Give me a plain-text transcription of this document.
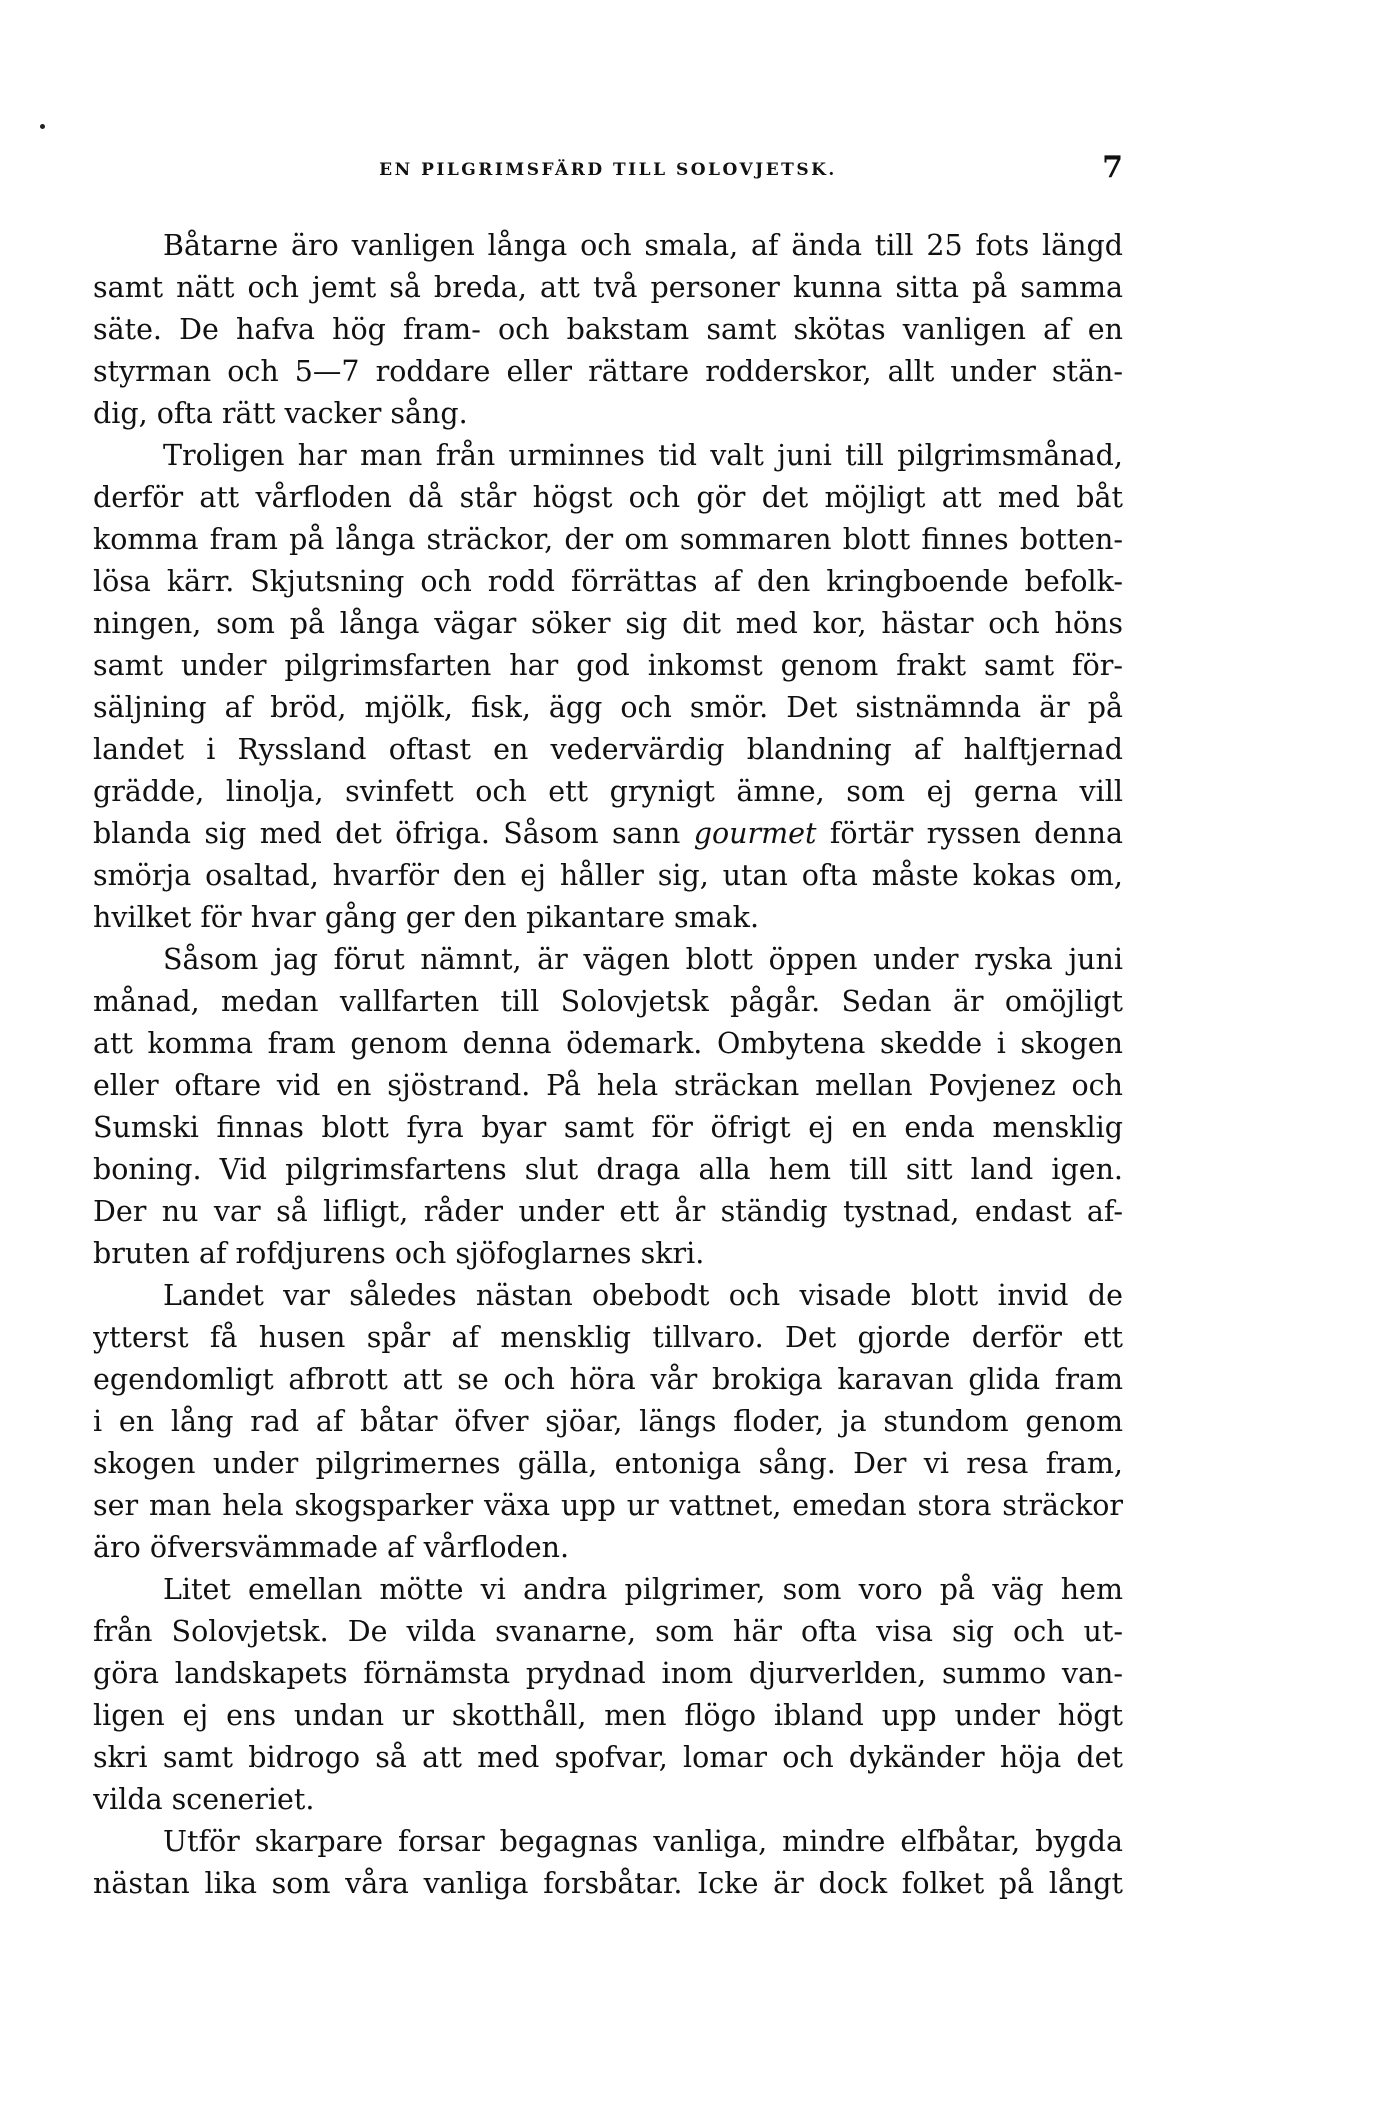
EN PILGRIMSFÄRD TILL SOLOVJETSK.	7
Båtarne äro vanligen långa och smala, af ända till 25 fots längd
samt nätt och jemt så breda, att två personer kunna sitta på samma
säte. De hafva hög fram- och bakstam samt skötas vanligen af en
styrman och 5—7 roddare eller rättare rodderskor, allt under stän-
dig, ofta rätt vacker sång.
Troligen har man från urminnes tid valt juni till pilgrimsmånad,
derför att vårfloden då står högst och gör det möjligt att med båt
komma fram på långa sträckor, der om sommaren blott finnes botten-
lösa kärr. Skjutsning och rodd förrättas af den kringboende befolk-
ningen, som på långa vägar söker sig dit med kor, hästar och höns
samt under pilgrimsfarten har god inkomst genom frakt samt för-
säljning af bröd, mjölk, fisk, ägg och smör. Det sistnämnda är på
landet i Ryssland oftast en vedervärdig blandning af halftjernad
grädde, linolja, svinfett och ett grynigt ämne, som ej gerna vill
blanda sig med det öfriga. Såsom sann gourmet förtär ryssen denna
smörja osaltad, hvarför den ej håller sig, utan ofta måste kokas om,
hvilket för hvar gång ger den pikantare smak.
Såsom jag förut nämnt, är vägen blott öppen under ryska juni
månad, medan vallfarten till Solovjetsk pågår. Sedan är omöjligt
att komma fram genom denna ödemark. Ombytena skedde i skogen
eller oftare vid en sjöstrand. På hela sträckan mellan Povjenez och
Sumski finnas blott fyra byar samt för öfrigt ej en enda mensklig
boning. Vid pilgrimsfartens slut draga alla hem till sitt land igen.
Der nu var så lifligt, råder under ett år ständig tystnad, endast af-
bruten af rofdjurens och sjöfoglarnes skri.
Landet var således nästan obebodt och visade blott invid de
ytterst få husen spår af mensklig tillvaro. Det gjorde derför ett
egendomligt afbrott att se och höra vår brokiga karavan glida fram
i en lång rad af båtar öfver sjöar, längs floder, ja stundom genom
skogen under pilgrimernes gälla, entoniga sång. Der vi resa fram,
ser man hela skogsparker växa upp ur vattnet, emedan stora sträckor
äro öfversvämmade af vårfloden.
Litet emellan mötte vi andra pilgrimer, som voro på väg hem
från Solovjetsk. De vilda svanarne, som här ofta visa sig och ut-
göra landskapets förnämsta prydnad inom djurverlden, summo van-
ligen ej ens undan ur skotthåll, men flögo ibland upp under högt
skri samt bidrogo så att med spofvar, lomar och dykänder höja det
vilda sceneriet.
Utför skarpare forsar begagnas vanliga, mindre elfbåtar, bygda
nästan lika som våra vanliga forsbåtar. Icke är dock folket på långt
